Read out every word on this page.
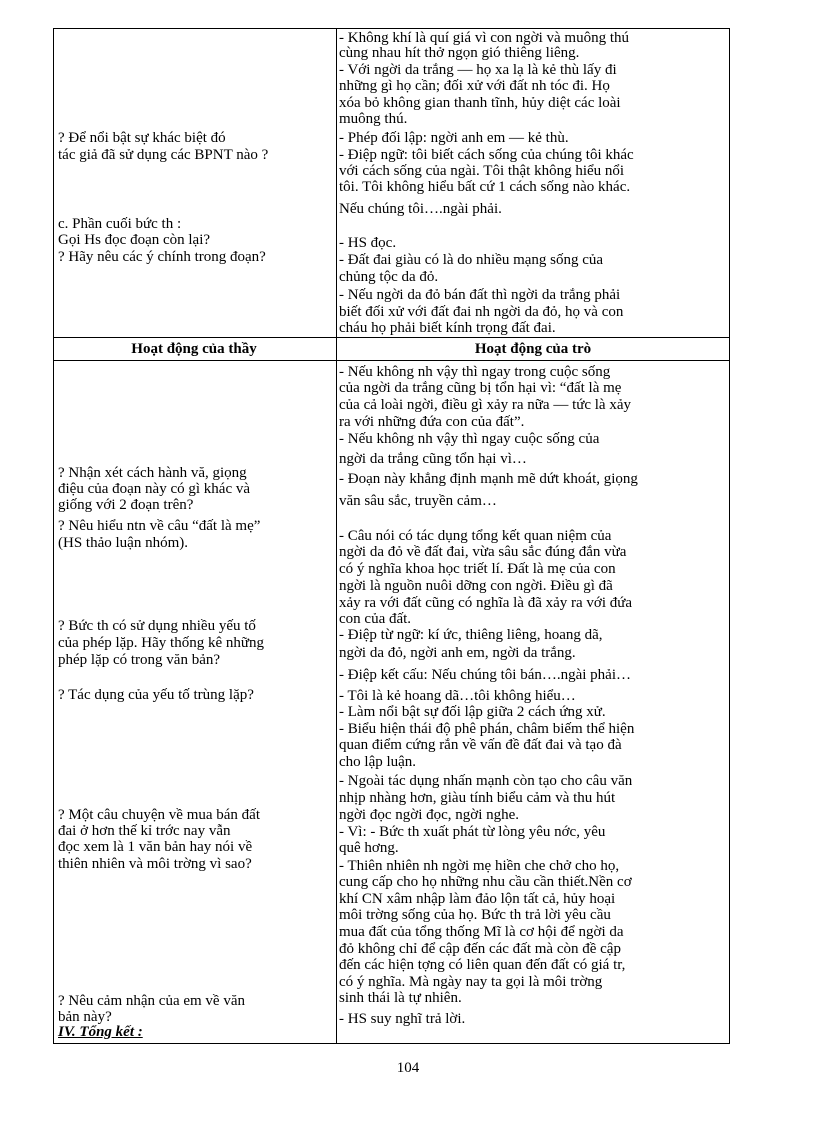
? Để nổi bật sự khác biệt đó
tác giả đã sử dụng các BPNT nào ?
c. Phần cuối bức th :
Gọi Hs đọc đoạn còn lại?
? Hãy nêu các ý chính trong đoạn?
- Không khí là quí giá vì con ngời và muông thú
cùng nhau hít thở ngọn gió thiêng liêng.
- Với ngời da trắng — họ xa lạ là kẻ thù lấy đi
những gì họ cần; đối xử với đất nh tóc đi. Họ
xóa bỏ không gian thanh tĩnh, hủy diệt các loài
muông thú.
- Phép đối lập: ngời anh em — kẻ thù.
- Điệp ngữ: tôi biết cách sống của chúng tôi khác
với cách sống của ngài. Tôi thật không hiểu nổi
tôi. Tôi không hiểu bất cứ 1 cách sống nào khác.
Nếu chúng tôi….ngài phải.
- HS đọc.
- Đất đai giàu có là do nhiều mạng sống của
chủng tộc da đỏ.
- Nếu ngời da đỏ bán đất thì ngời da trắng phải
biết đối xử với đất đai nh ngời da đỏ, họ và con
cháu họ phải biết kính trọng đất đai.
Hoạt động của thầy	Hoạt động của trò
? Nhận xét cách hành vă, giọng
điệu của đoạn này có gì khác và
giống với 2 đoạn trên?
? Nêu hiểu ntn về câu “đất là mẹ”
(HS thảo luận nhóm).
? Bức th có sử dụng nhiều yếu tố
của phép lặp. Hãy thống kê những
phép lặp có trong văn bản?
? Tác dụng của yếu tố trùng lặp?
? Một câu chuyện về mua bán đất
đai ở hơn thế kỉ trớc nay vẫn
đọc xem là 1 văn bản hay nói về
thiên nhiên và môi trờng vì sao?
? Nêu cảm nhận của em về văn
bản này?
IV. Tổng kết :
- Nếu không nh vậy thì ngay trong cuộc sống
của ngời da trắng cũng bị tổn hại vì: “đất là mẹ
của cả loài ngời, điều gì xảy ra nữa — tức là xảy
ra với những đứa con của đất”.
- Nếu không nh vậy thì ngay cuộc sống của
ngời da trắng cũng tổn hại vì…
- Đoạn này khẳng định mạnh mẽ dứt khoát, giọng
văn sâu sắc, truyền cảm…
- Câu nói có tác dụng tổng kết quan niệm của
ngời da đỏ về đất đai, vừa sâu sắc đúng đắn vừa
có ý nghĩa khoa học triết lí. Đất là mẹ của con
ngời là nguồn nuôi dỡng con ngời. Điều gì đã
xảy ra với đất cũng có nghĩa là đã xảy ra với đứa
con của đất.
- Điệp từ ngữ: kí ức, thiêng liêng, hoang dã,
ngời da đỏ, ngời anh em, ngời da trắng.
- Điệp kết cấu: Nếu chúng tôi bán….ngài phải…
- Tôi là kẻ hoang dã…tôi không hiểu…
- Làm nổi bật sự đối lập giữa 2 cách ứng xử.
- Biểu hiện thái độ phê phán, châm biếm thể hiện
quan điểm cứng rắn về vấn đề đất đai và tạo đà
cho lập luận.
- Ngoài tác dụng nhấn mạnh còn tạo cho câu văn
nhịp nhàng hơn, giàu tính biểu cảm và thu hút
ngời đọc ngời đọc, ngời nghe.
- Vì: - Bức th xuất phát từ lòng yêu nớc, yêu
quê hơng.
- Thiên nhiên nh ngời mẹ hiền che chở cho họ,
cung cấp cho họ những nhu cầu cần thiết.Nền cơ
khí CN xâm nhập làm đảo lộn tất cả, hủy hoại
môi trờng sống của họ. Bức th trả lời yêu cầu
mua đất của tổng thống Mĩ là cơ hội để ngời da
đỏ không chỉ để cập đến các đất mà còn đề cập
đến các hiện tợng có liên quan đến đất có giá tr,
có ý nghĩa. Mà ngày nay ta gọi là môi trờng
sinh thái là tự nhiên.
- HS suy nghĩ trả lời.
104
